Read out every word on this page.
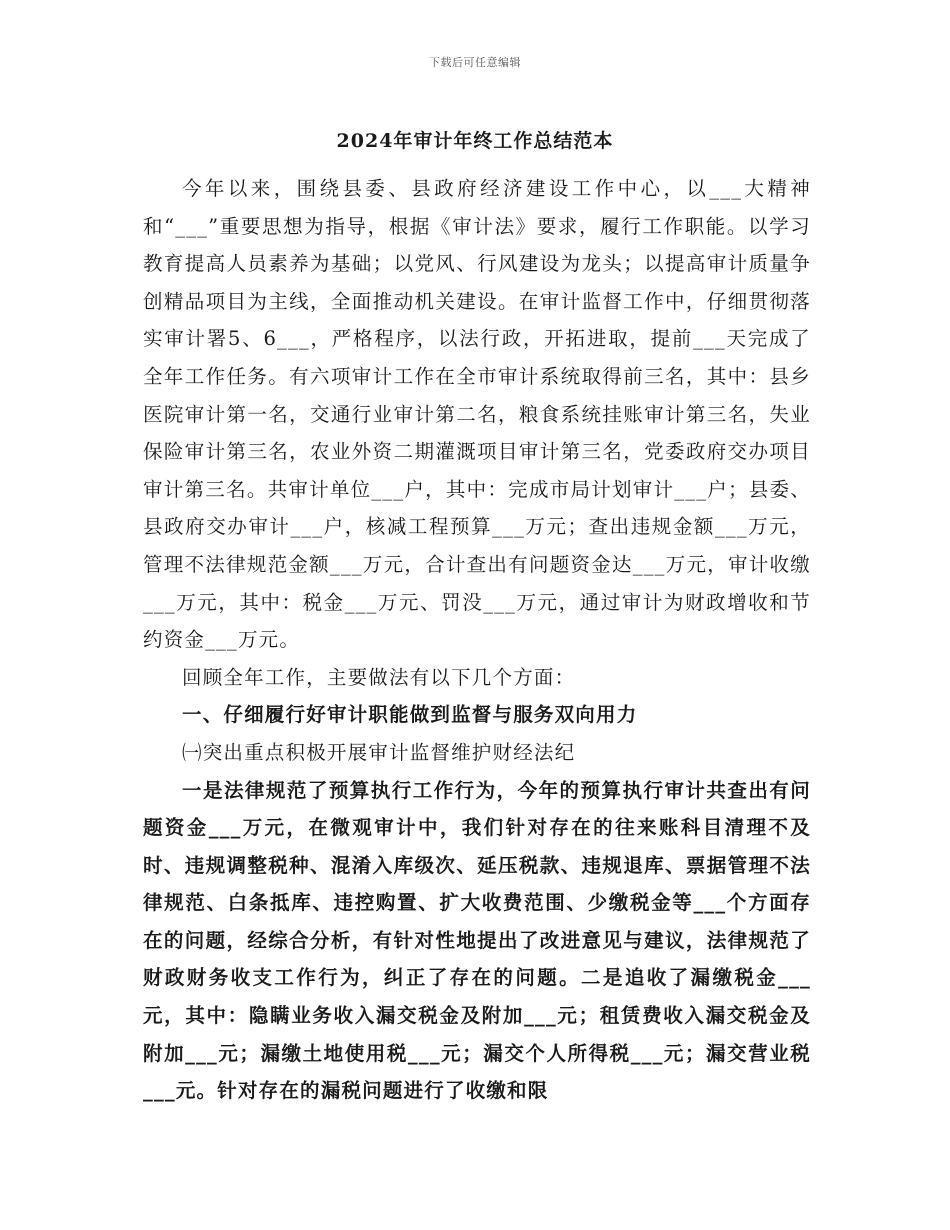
下载后可任意编辑
2024年审计年终工作总结范本

今年以来，围绕县委、县政府经济建设工作中心，以___大精神和“___”重要思想为指导，根据《审计法》要求，履行工作职能。以学习教育提高人员素养为基础；以党风、行风建设为龙头；以提高审计质量争创精品项目为主线，全面推动机关建设。在审计监督工作中，仔细贯彻落实审计署5、6___，严格程序，以法行政，开拓进取，提前___天完成了全年工作任务。有六项审计工作在全市审计系统取得前三名，其中：县乡医院审计第一名，交通行业审计第二名，粮食系统挂账审计第三名，失业保险审计第三名，农业外资二期灌溉项目审计第三名，党委政府交办项目审计第三名。共审计单位___户，其中：完成市局计划审计___户；县委、县政府交办审计___户，核减工程预算___万元；查出违规金额___万元，管理不法律规范金额___万元，合计查出有问题资金达___万元，审计收缴___万元，其中：税金___万元、罚没___万元，通过审计为财政增收和节约资金___万元。

回顾全年工作，主要做法有以下几个方面：

一、仔细履行好审计职能做到监督与服务双向用力

㈠突出重点积极开展审计监督维护财经法纪

一是法律规范了预算执行工作行为，今年的预算执行审计共查出有问题资金___万元，在微观审计中，我们针对存在的往来账科目清理不及时、违规调整税种、混淆入库级次、延压税款、违规退库、票据管理不法律规范、白条抵库、违控购置、扩大收费范围、少缴税金等___个方面存在的问题，经综合分析，有针对性地提出了改进意见与建议，法律规范了财政财务收支工作行为，纠正了存在的问题。二是追收了漏缴税金___元，其中：隐瞒业务收入漏交税金及附加___元；租赁费收入漏交税金及附加___元；漏缴土地使用税___元；漏交个人所得税___元；漏交营业税___元。针对存在的漏税问题进行了收缴和限
